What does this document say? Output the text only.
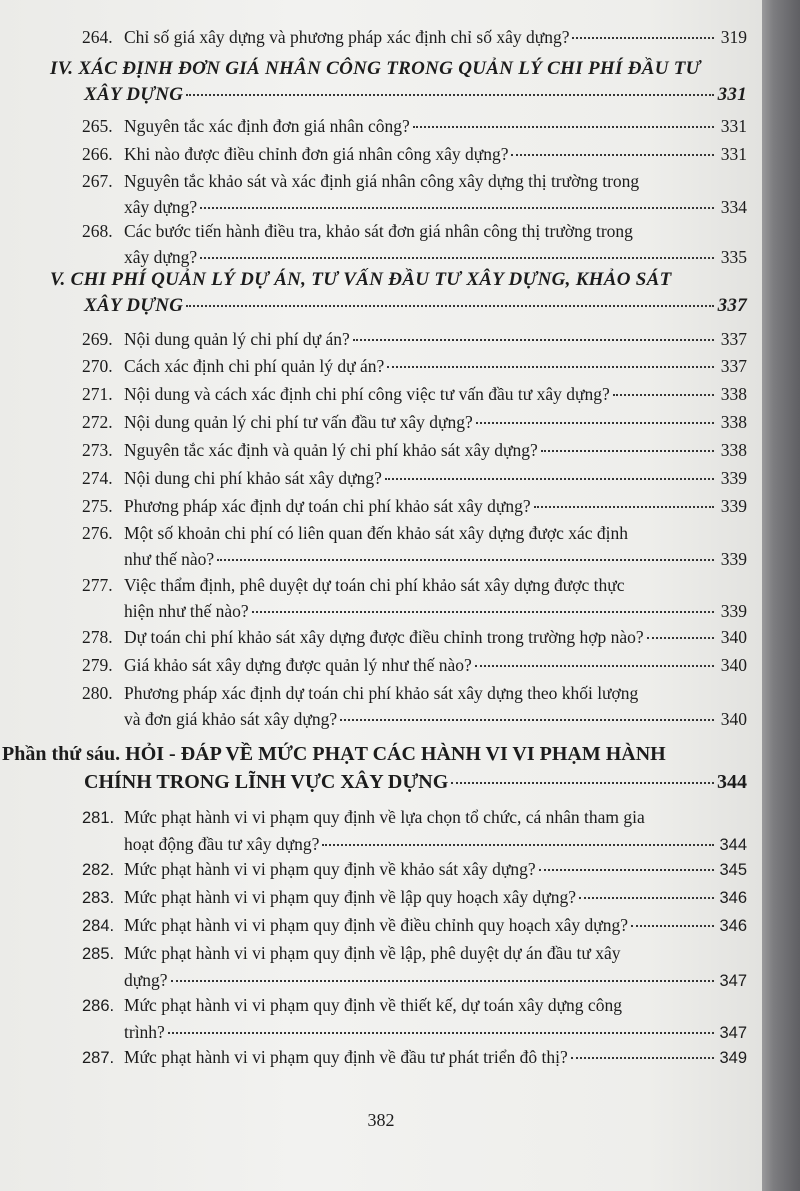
264. Chỉ số giá xây dựng và phương pháp xác định chỉ số xây dựng?	319
IV. XÁC ĐỊNH ĐƠN GIÁ NHÂN CÔNG TRONG QUẢN LÝ CHI PHÍ ĐẦU TƯ
XÂY DỰNG	331
265. Nguyên tắc xác định đơn giá nhân công?	331
266. Khi nào được điều chỉnh đơn giá nhân công xây dựng?	331
267. Nguyên tắc khảo sát và xác định giá nhân công xây dựng thị trường trong
xây dựng?	334
268. Các bước tiến hành điều tra, khảo sát đơn giá nhân công thị trường trong
xây dựng?	335
V. CHI PHÍ QUẢN LÝ DỰ ÁN, TƯ VẤN ĐẦU TƯ XÂY DỰNG, KHẢO SÁT
XÂY DỰNG	337
269. Nội dung quản lý chi phí dự án?	337
270. Cách xác định chi phí quản lý dự án?	337
271. Nội dung và cách xác định chi phí công việc tư vấn đầu tư xây dựng?	338
272. Nội dung quản lý chi phí tư vấn đầu tư xây dựng?	338
273. Nguyên tắc xác định và quản lý chi phí khảo sát xây dựng?	338
274. Nội dung chi phí khảo sát xây dựng?	339
275. Phương pháp xác định dự toán chi phí khảo sát xây dựng?	339
276. Một số khoản chi phí có liên quan đến khảo sát xây dựng được xác định
như thế nào?	339
277. Việc thẩm định, phê duyệt dự toán chi phí khảo sát xây dựng được thực
hiện như thế nào?	339
278. Dự toán chi phí khảo sát xây dựng được điều chỉnh trong trường hợp nào?	340
279. Giá khảo sát xây dựng được quản lý như thế nào?	340
280. Phương pháp xác định dự toán chi phí khảo sát xây dựng theo khối lượng
và đơn giá khảo sát xây dựng?	340
Phần thứ sáu. HỎI - ĐÁP VỀ MỨC PHẠT CÁC HÀNH VI VI PHẠM HÀNH
CHÍNH TRONG LĨNH VỰC XÂY DỰNG	344
281. Mức phạt hành vi vi phạm quy định về lựa chọn tổ chức, cá nhân tham gia
hoạt động đầu tư xây dựng?	344
282. Mức phạt hành vi vi phạm quy định về khảo sát xây dựng?	345
283. Mức phạt hành vi vi phạm quy định về lập quy hoạch xây dựng?	346
284. Mức phạt hành vi vi phạm quy định về điều chỉnh quy hoạch xây dựng?	346
285. Mức phạt hành vi vi phạm quy định về lập, phê duyệt dự án đầu tư xây
dựng?	347
286. Mức phạt hành vi vi phạm quy định về thiết kế, dự toán xây dựng công
trình?	347
287. Mức phạt hành vi vi phạm quy định về đầu tư phát triển đô thị?	349
382
